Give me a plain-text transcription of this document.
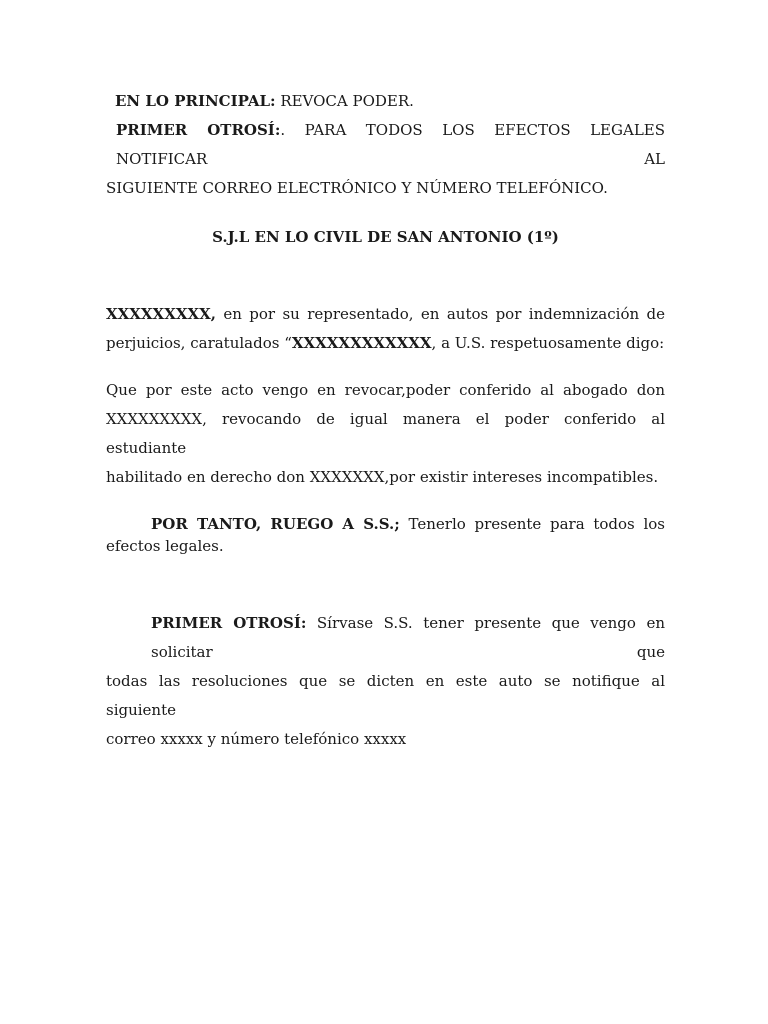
EN LO PRINCIPAL: REVOCA PODER.
PRIMER OTROSÍ:. PARA TODOS LOS EFECTOS LEGALES NOTIFICAR AL
SIGUIENTE CORREO ELECTRÓNICO Y NÚMERO TELEFÓNICO.
S.J.L EN LO CIVIL DE SAN ANTONIO (1º)
XXXXXXXXX, en por su representado, en autos por indemnización de
perjuicios, caratulados “XXXXXXXXXXXX, a U.S. respetuosamente digo:
Que por este acto vengo en revocar,poder conferido al abogado don
XXXXXXXXX, revocando de igual manera el poder conferido al estudiante
habilitado en derecho don XXXXXXX,por existir intereses incompatibles.
POR TANTO, RUEGO A S.S.; Tenerlo presente para todos los efectos legales.
PRIMER OTROSÍ: Sírvase S.S. tener presente que vengo en solicitar que
todas las resoluciones que se dicten en este auto se notifique al siguiente
correo xxxxx y número telefónico xxxxx
